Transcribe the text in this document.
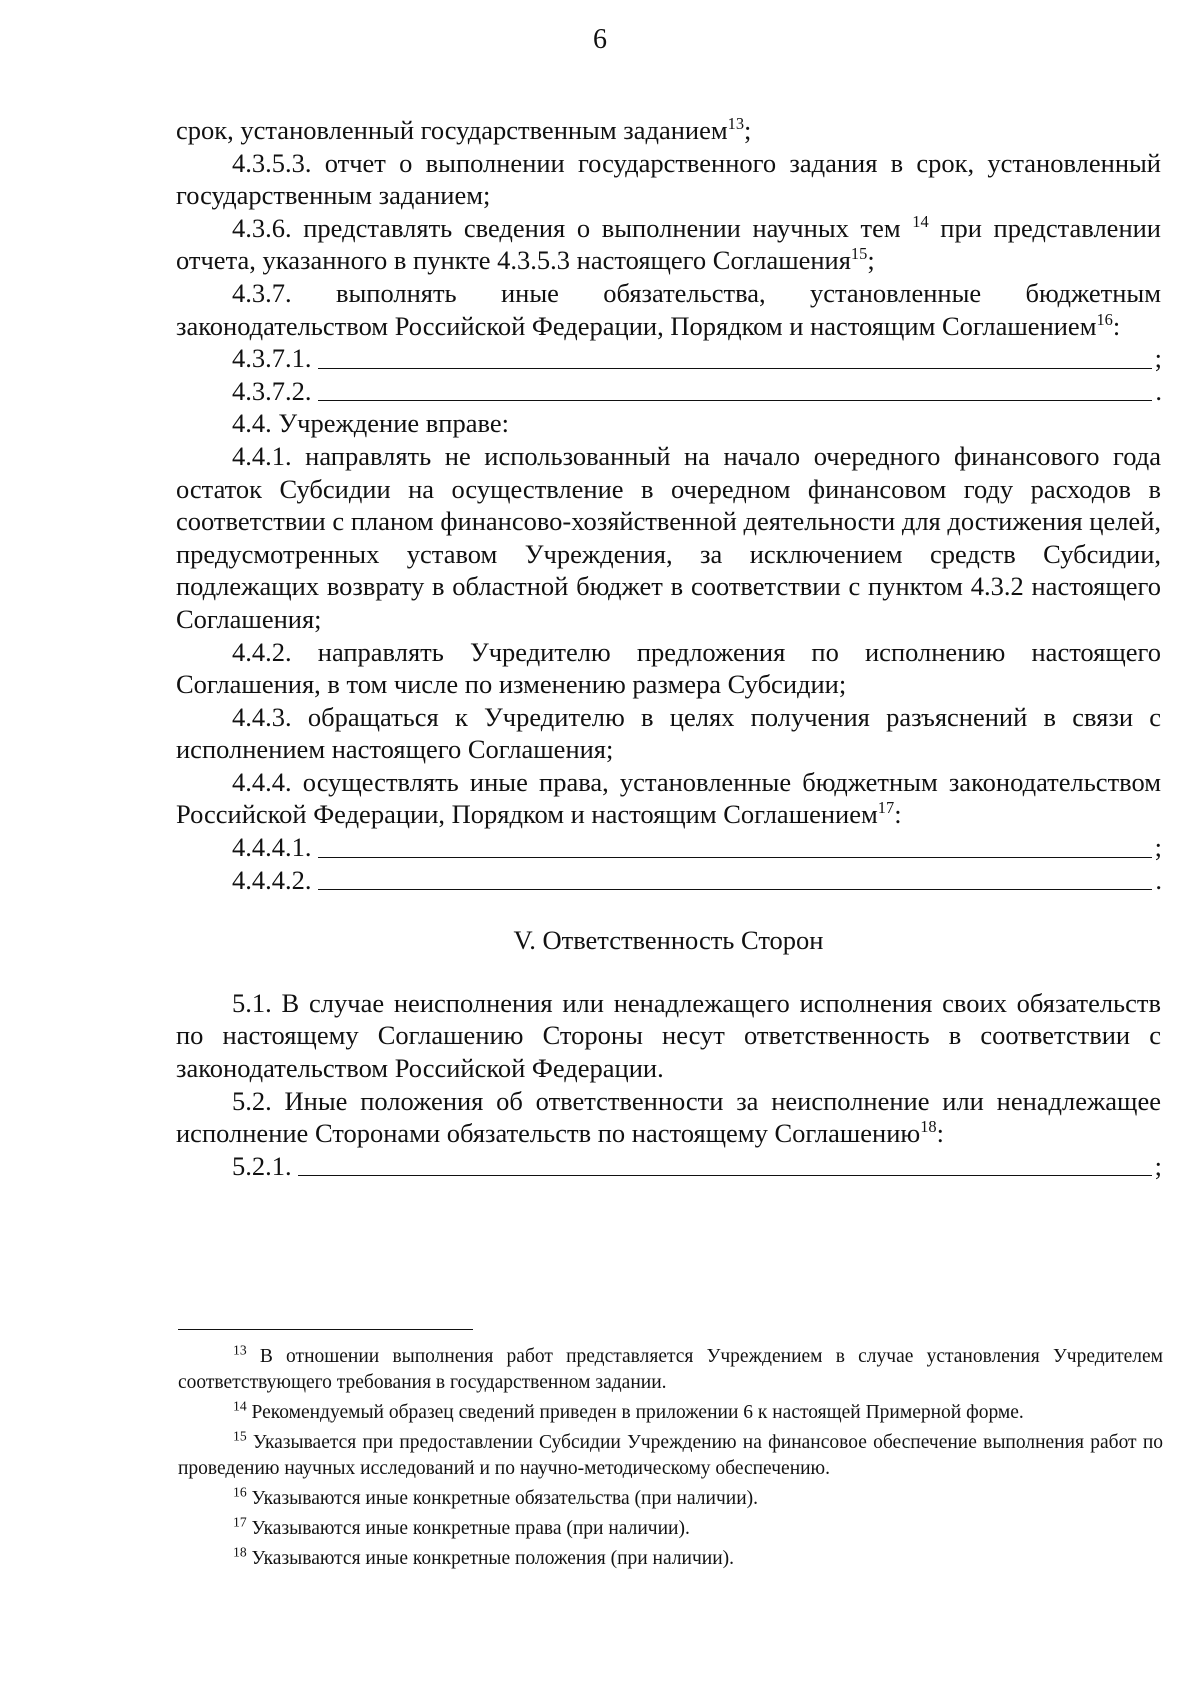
6

срок, установленный государственным заданием$^{13}$;

4.3.5.3. отчет о выполнении государственного задания в срок, установленный государственным заданием;

4.3.6. представлять сведения о выполнении научных тем $^{14}$ при представлении отчета, указанного в пункте 4.3.5.3 настоящего Соглашения$^{15}$;

4.3.7. выполнять иные обязательства, установленные бюджетным законодательством Российской Федерации, Порядком и настоящим Соглашением$^{16}$:

4.3.7.1.	;
4.3.7.2.	.

4.4. Учреждение вправе:

4.4.1. направлять не использованный на начало очередного финансового года остаток Субсидии на осуществление в очередном финансовом году расходов в соответствии с планом финансово-хозяйственной деятельности для достижения целей, предусмотренных уставом Учреждения, за исключением средств Субсидии, подлежащих возврату в областной бюджет в соответствии с пунктом 4.3.2 настоящего Соглашения;

4.4.2. направлять Учредителю предложения по исполнению настоящего Соглашения, в том числе по изменению размера Субсидии;

4.4.3. обращаться к Учредителю в целях получения разъяснений в связи с исполнением настоящего Соглашения;

4.4.4. осуществлять иные права, установленные бюджетным законодательством Российской Федерации, Порядком и настоящим Соглашением$^{17}$:

4.4.4.1.	;
4.4.4.2.	.

V. Ответственность Сторон

5.1. В случае неисполнения или ненадлежащего исполнения своих обязательств по настоящему Соглашению Стороны несут ответственность в соответствии с законодательством Российской Федерации.

5.2. Иные положения об ответственности за неисполнение или ненадлежащее исполнение Сторонами обязательств по настоящему Соглашению$^{18}$:

5.2.1.	;

$^{13}$ В отношении выполнения работ представляется Учреждением в случае установления Учредителем соответствующего требования в государственном задании.

$^{14}$ Рекомендуемый образец сведений приведен в приложении 6 к настоящей Примерной форме.

$^{15}$ Указывается при предоставлении Субсидии Учреждению на финансовое обеспечение выполнения работ по проведению научных исследований и по научно-методическому обеспечению.

$^{16}$ Указываются иные конкретные обязательства (при наличии).

$^{17}$ Указываются иные конкретные права (при наличии).

$^{18}$ Указываются иные конкретные положения (при наличии).
